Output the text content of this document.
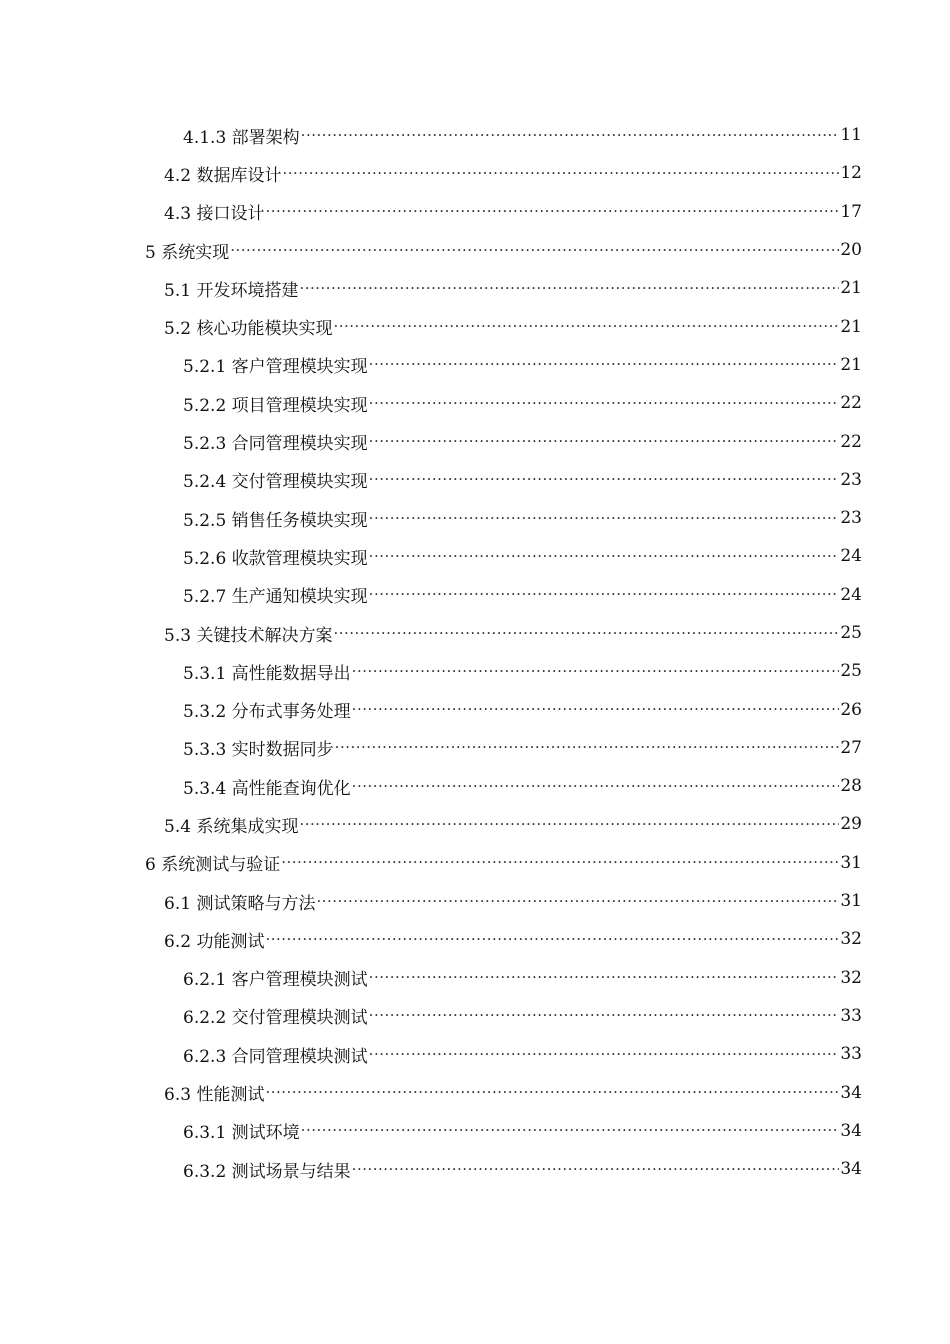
4.1.3 部署架构 ·····	11
4.2 数据库设计 ·····	12
4.3 接口设计 ·····	17
5 系统实现 ·····	20
5.1 开发环境搭建 ·····	21
5.2 核心功能模块实现 ·····	21
5.2.1 客户管理模块实现 ·····	21
5.2.2 项目管理模块实现 ·····	22
5.2.3 合同管理模块实现 ·····	22
5.2.4 交付管理模块实现 ·····	23
5.2.5 销售任务模块实现 ·····	23
5.2.6 收款管理模块实现 ·····	24
5.2.7 生产通知模块实现 ·····	24
5.3 关键技术解决方案 ·····	25
5.3.1 高性能数据导出 ·····	25
5.3.2 分布式事务处理 ·····	26
5.3.3 实时数据同步 ·····	27
5.3.4 高性能查询优化 ·····	28
5.4 系统集成实现 ·····	29
6 系统测试与验证 ·····	31
6.1 测试策略与方法 ·····	31
6.2 功能测试 ·····	32
6.2.1 客户管理模块测试 ·····	32
6.2.2 交付管理模块测试 ·····	33
6.2.3 合同管理模块测试 ·····	33
6.3 性能测试 ·····	34
6.3.1 测试环境 ·····	34
6.3.2 测试场景与结果 ·····	34
